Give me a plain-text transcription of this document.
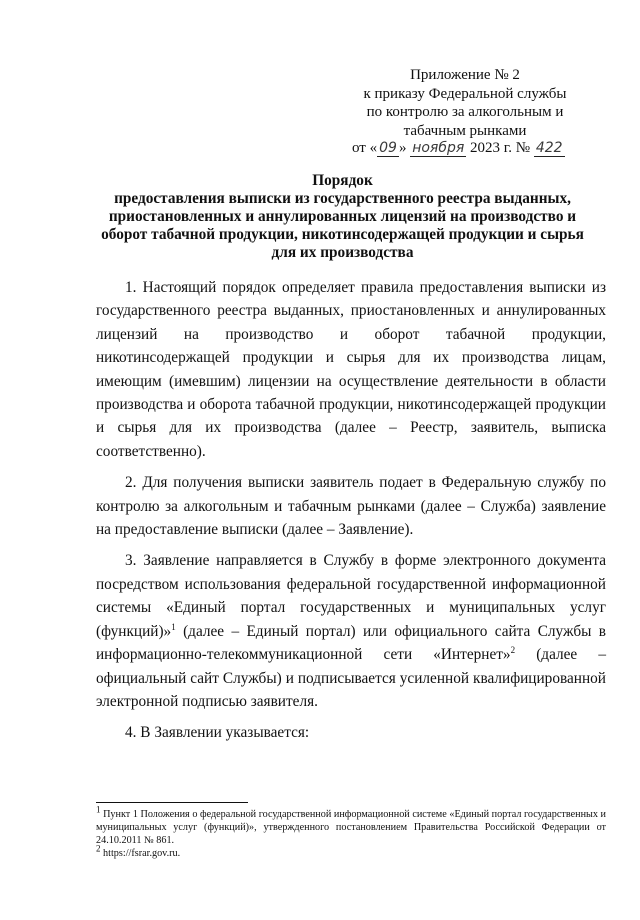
Приложение № 2
к приказу Федеральной службы
по контролю за алкогольным и
табачным рынками
от « 09 » ноября 2023 г. № 422
Порядок
предоставления выписки из государственного реестра выданных,
приостановленных и аннулированных лицензий на производство и
оборот табачной продукции, никотинсодержащей продукции и сырья
для их производства

1. Настоящий порядок определяет правила предоставления выписки из государственного реестра выданных, приостановленных и аннулированных лицензий на производство и оборот табачной продукции, никотинсодержащей продукции и сырья для их производства лицам, имеющим (имевшим) лицензии на осуществление деятельности в области производства и оборота табачной продукции, никотинсодержащей продукции и сырья для их производства (далее – Реестр, заявитель, выписка соответственно).

2. Для получения выписки заявитель подает в Федеральную службу по контролю за алкогольным и табачным рынками (далее – Служба) заявление на предоставление выписки (далее – Заявление).

3. Заявление направляется в Службу в форме электронного документа посредством использования федеральной государственной информационной системы «Единый портал государственных и муниципальных услуг (функций)»$^1$ (далее – Единый портал) или официального сайта Службы в информационно-телекоммуникационной сети «Интернет»$^2$ (далее – официальный сайт Службы) и подписывается усиленной квалифицированной электронной подписью заявителя.

4. В Заявлении указывается:

1 Пункт 1 Положения о федеральной государственной информационной системе «Единый портал государственных и муниципальных услуг (функций)», утвержденного постановлением Правительства Российской Федерации от 24.10.2011 № 861.

2 https://fsrar.gov.ru.
